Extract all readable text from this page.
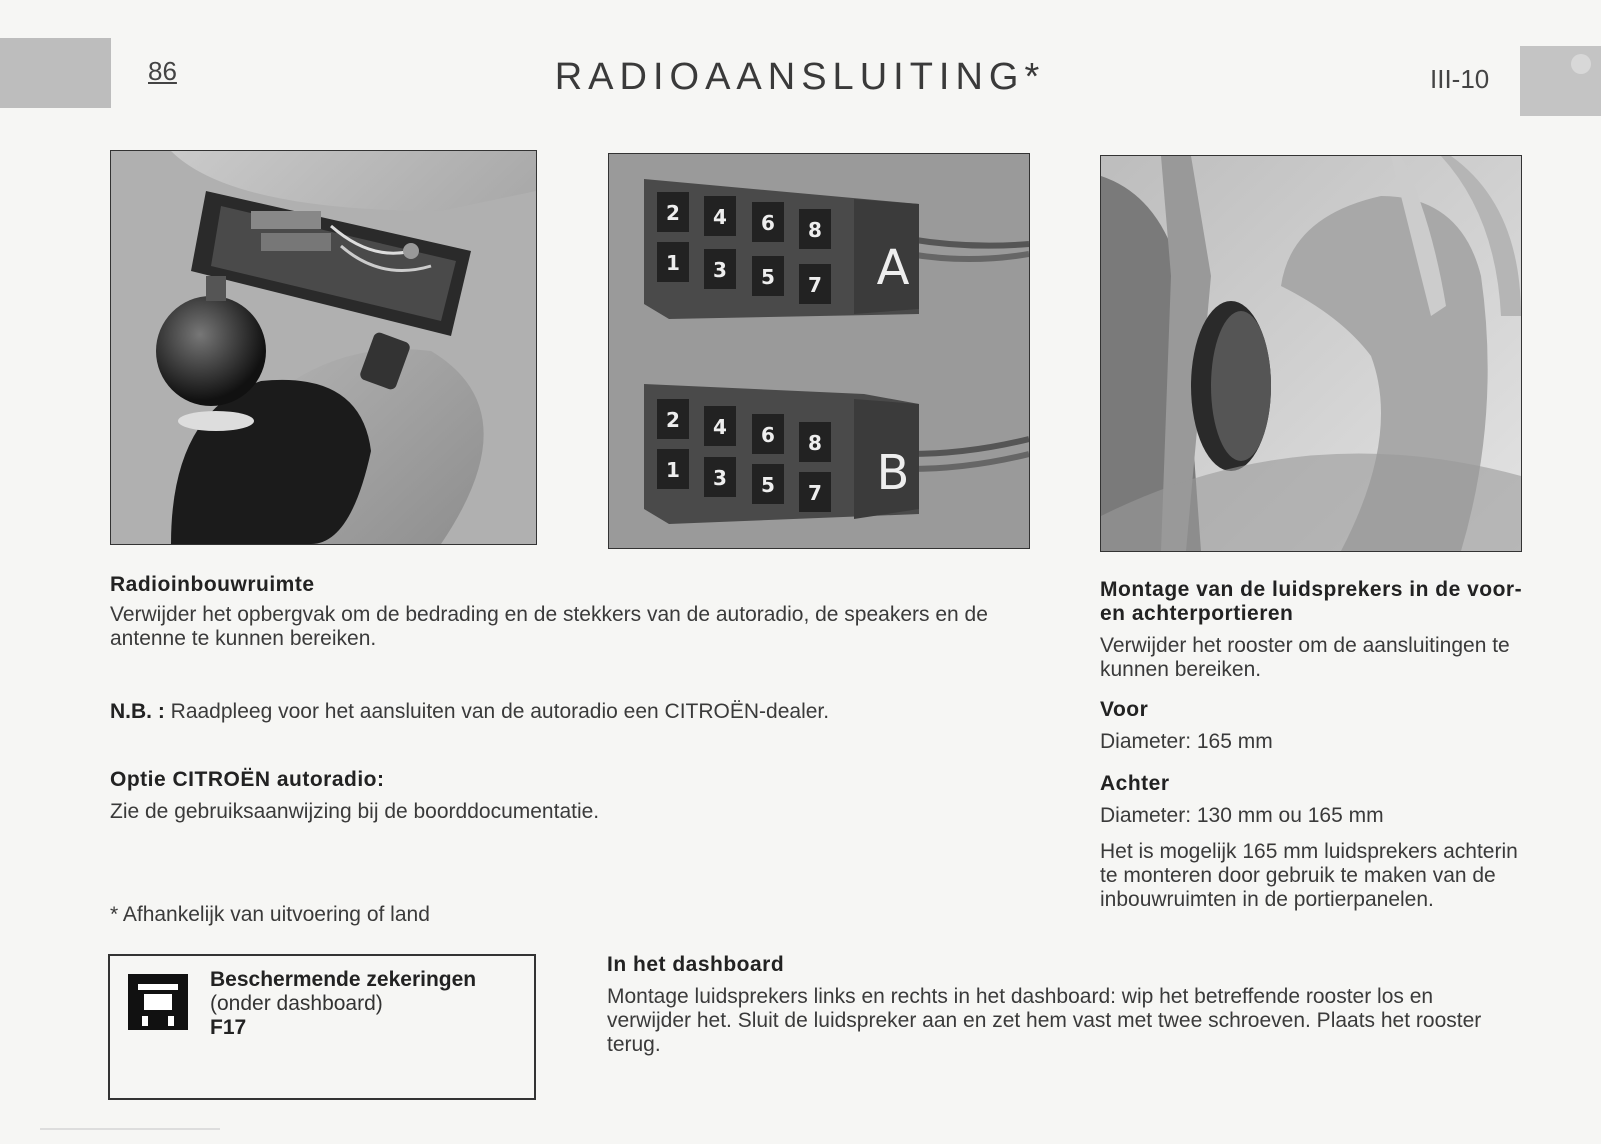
86	RADIOAANSLUITING*	III-10
2 4 6 8
1 3 5 7
2 4 6 8
1 3 5 7
A
B
Radioinbouwruimte
Verwijder het opbergvak om de bedrading en de stekkers van de autoradio, de speakers en de antenne te kunnen bereiken.
N.B. : Raadpleeg voor het aansluiten van de autoradio een CITROËN-dealer.
Optie CITROËN autoradio:
Zie de gebruiksaanwijzing bij de boorddocumentatie.
* Afhankelijk van uitvoering of land
Beschermende zekeringen (onder dashboard)
F17
In het dashboard
Montage luidsprekers links en rechts in het dashboard: wip het betreffende rooster los en verwijder het. Sluit de luidspreker aan en zet hem vast met twee schroeven. Plaats het rooster terug.
Montage van de luidsprekers in de voor- en achterportieren
Verwijder het rooster om de aansluitingen te kunnen bereiken.
Voor
Diameter: 165 mm
Achter
Diameter: 130 mm ou 165 mm
Het is mogelijk 165 mm luidsprekers achterin te monteren door gebruik te maken van de inbouwruimten in de portierpanelen.
